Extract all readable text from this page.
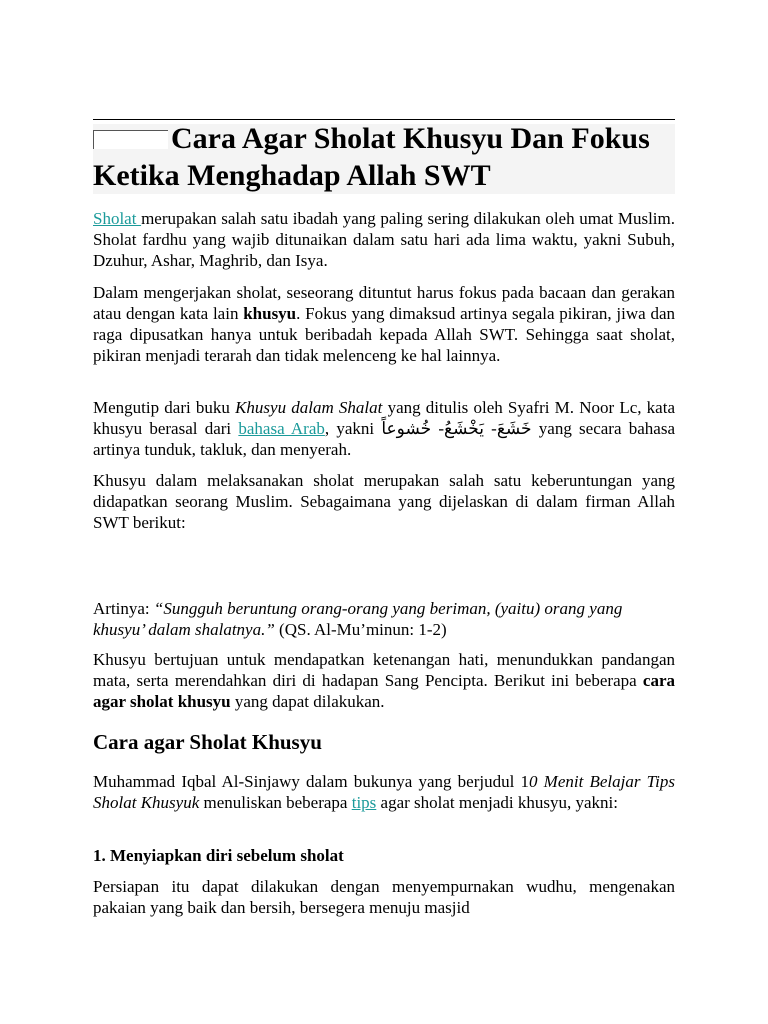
Cara Agar Sholat Khusyu Dan Fokus Ketika Menghadap Allah SWT

Sholat merupakan salah satu ibadah yang paling sering dilakukan oleh umat Muslim. Sholat fardhu yang wajib ditunaikan dalam satu hari ada lima waktu, yakni Subuh, Dzuhur, Ashar, Maghrib, dan Isya.

Dalam mengerjakan sholat, seseorang dituntut harus fokus pada bacaan dan gerakan atau dengan kata lain khusyu. Fokus yang dimaksud artinya segala pikiran, jiwa dan raga dipusatkan hanya untuk beribadah kepada Allah SWT. Sehingga saat sholat, pikiran menjadi terarah dan tidak melenceng ke hal lainnya.

Mengutip dari buku Khusyu dalam Shalat yang ditulis oleh Syafri M. Noor Lc, kata khusyu berasal dari bahasa Arab, yakni خَشَعَ- يَخْشَعُ- خُشوعاً yang secara bahasa artinya tunduk, takluk, dan menyerah.

Khusyu dalam melaksanakan sholat merupakan salah satu keberuntungan yang didapatkan seorang Muslim. Sebagaimana yang dijelaskan di dalam firman Allah SWT berikut:

Artinya: “Sungguh beruntung orang-orang yang beriman, (yaitu) orang yang khusyu’ dalam shalatnya.” (QS. Al-Mu’minun: 1-2)

Khusyu bertujuan untuk mendapatkan ketenangan hati, menundukkan pandangan mata, serta merendahkan diri di hadapan Sang Pencipta. Berikut ini beberapa cara agar sholat khusyu yang dapat dilakukan.

Cara agar Sholat Khusyu

Muhammad Iqbal Al-Sinjawy dalam bukunya yang berjudul 10 Menit Belajar Tips Sholat Khusyuk menuliskan beberapa tips agar sholat menjadi khusyu, yakni:

1. Menyiapkan diri sebelum sholat

Persiapan itu dapat dilakukan dengan menyempurnakan wudhu, mengenakan pakaian yang baik dan bersih, bersegera menuju masjid
